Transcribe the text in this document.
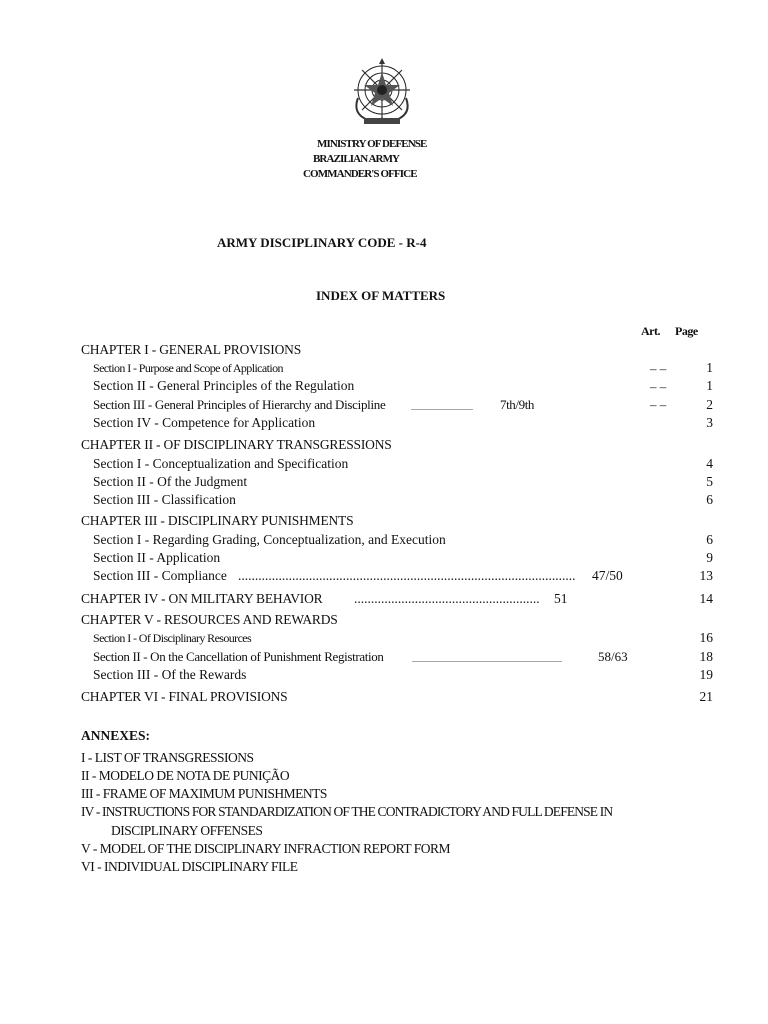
MINISTRY OF DEFENSE
BRAZILIAN ARMY
COMMANDER'S OFFICE
ARMY DISCIPLINARY CODE - R-4
INDEX OF MATTERS
Art. Page
CHAPTER I - GENERAL PROVISIONS
Section I - Purpose and Scope of Application	– –	1
Section II - General Principles of the Regulation	– –	1
Section III - General Principles of Hierarchy and Discipline	............................... 7th/9th	– –	2
Section IV - Competence for Application	3
CHAPTER II - OF DISCIPLINARY TRANSGRESSIONS
Section I - Conceptualization and Specification	4
Section II - Of the Judgment	5
Section III - Classification	6
CHAPTER III - DISCIPLINARY PUNISHMENTS
Section I - Regarding Grading, Conceptualization, and Execution	6
Section II - Application	9
Section III - Compliance ....................................................................................................	47/50	13
CHAPTER IV - ON MILITARY BEHAVIOR .......................................................	51	14
CHAPTER V - RESOURCES AND REWARDS
Section I - Of Disciplinary Resources	16
Section II - On the Cancellation of Punishment Registration	...........................................................................	58/63	18
Section III - Of the Rewards	19
CHAPTER VI - FINAL PROVISIONS	21
ANNEXES:
I - LIST OF TRANSGRESSIONS
II - MODELO DE NOTA DE PUNIÇÃO
III - FRAME OF MAXIMUM PUNISHMENTS
IV - INSTRUCTIONS FOR STANDARDIZATION OF THE CONTRADICTORY AND FULL DEFENSE IN
DISCIPLINARY OFFENSES
V - MODEL OF THE DISCIPLINARY INFRACTION REPORT FORM
VI - INDIVIDUAL DISCIPLINARY FILE
